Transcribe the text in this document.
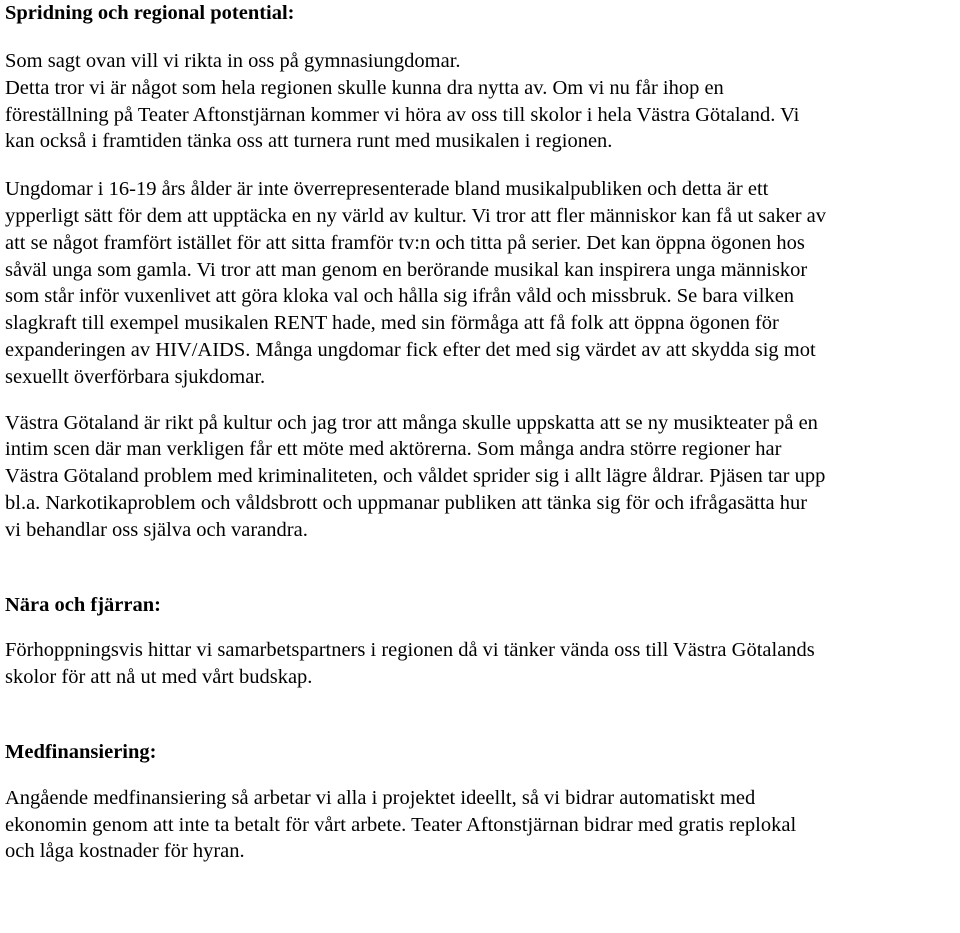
Spridning och regional potential:
Som sagt ovan vill vi rikta in oss på gymnasiungdomar.
Detta tror vi är något som hela regionen skulle kunna dra nytta av. Om vi nu får ihop en
föreställning på Teater Aftonstjärnan kommer vi höra av oss till skolor i hela Västra Götaland. Vi
kan också i framtiden tänka oss att turnera runt med musikalen i regionen.
Ungdomar i 16-19 års ålder är inte överrepresenterade bland musikalpubliken och detta är ett
ypperligt sätt för dem att upptäcka en ny värld av kultur. Vi tror att fler människor kan få ut saker av
att se något framfört istället för att sitta framför tv:n och titta på serier. Det kan öppna ögonen hos
såväl unga som gamla. Vi tror att man genom en berörande musikal kan inspirera unga människor
som står inför vuxenlivet att göra kloka val och hålla sig ifrån våld och missbruk. Se bara vilken
slagkraft till exempel musikalen RENT hade, med sin förmåga att få folk att öppna ögonen för
expanderingen av HIV/AIDS. Många ungdomar fick efter det med sig värdet av att skydda sig mot
sexuellt överförbara sjukdomar.
Västra Götaland är rikt på kultur och jag tror att många skulle uppskatta att se ny musikteater på en
intim scen där man verkligen får ett möte med aktörerna. Som många andra större regioner har
Västra Götaland problem med kriminaliteten, och våldet sprider sig i allt lägre åldrar. Pjäsen tar upp
bl.a. Narkotikaproblem och våldsbrott och uppmanar publiken att tänka sig för och ifrågasätta hur
vi behandlar oss själva och varandra.
Nära och fjärran:
Förhoppningsvis hittar vi samarbetspartners i regionen då vi tänker vända oss till Västra Götalands
skolor för att nå ut med vårt budskap.
Medfinansiering:
Angående medfinansiering så arbetar vi alla i projektet ideellt, så vi bidrar automatiskt med
ekonomin genom att inte ta betalt för vårt arbete. Teater Aftonstjärnan bidrar med gratis replokal
och låga kostnader för hyran.
